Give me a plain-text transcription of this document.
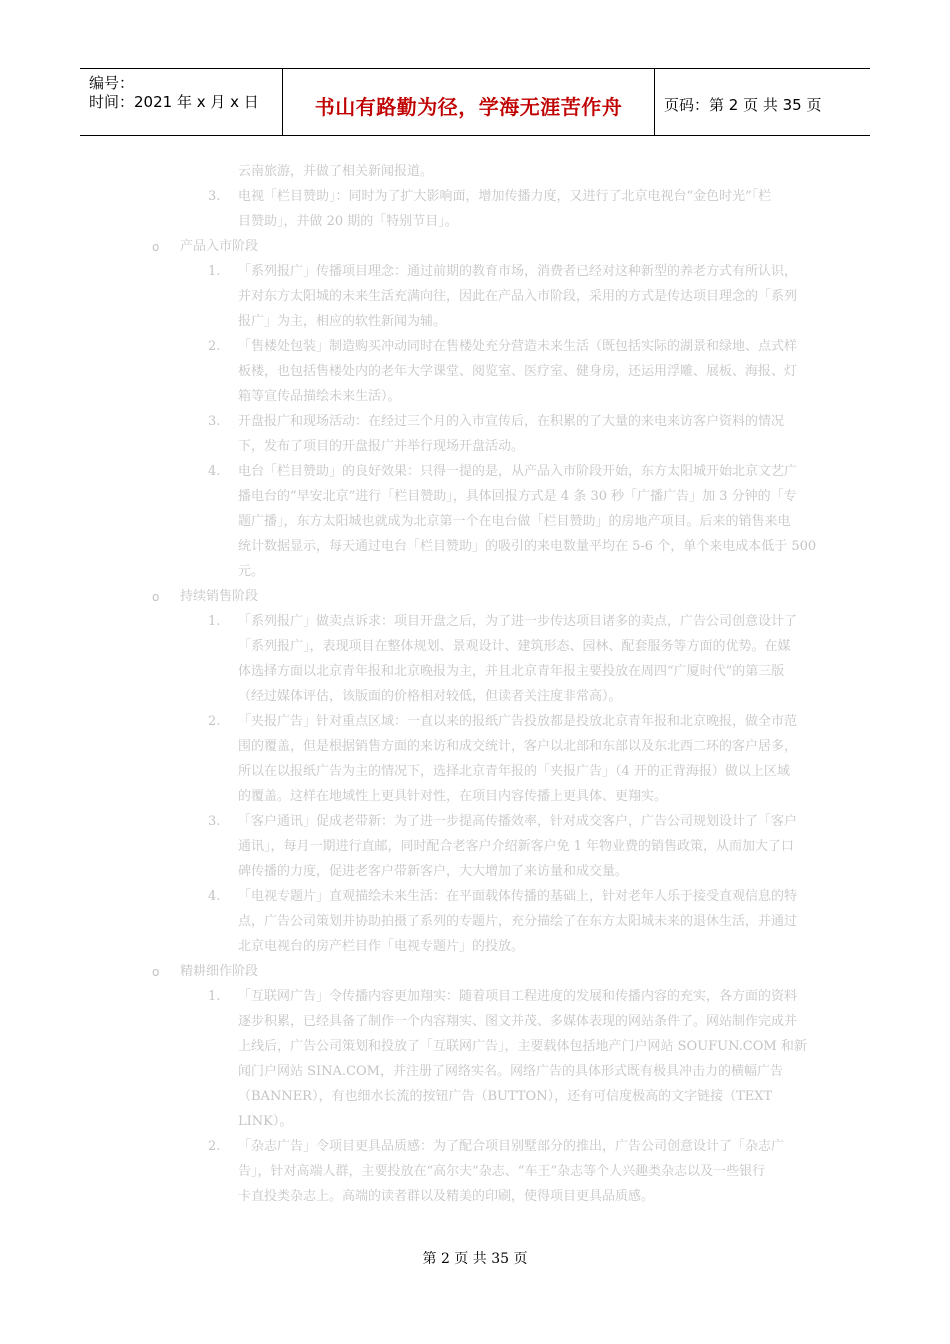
编号：
时间：2021 年 x 月 x 日	书山有路勤为径，学海无涯苦作舟	页码：第 2 页 共 35 页
云南旅游，并做了相关新闻报道。
3. 电视「栏目赞助」：同时为了扩大影响面，增加传播力度，又进行了北京电视台“金色时光”「栏
目赞助」，并做 20 期的「特别节目」。
o 产品入市阶段
1. 「系列报广」传播项目理念：通过前期的教育市场，消费者已经对这种新型的养老方式有所认识，
并对东方太阳城的未来生活充满向往，因此在产品入市阶段，采用的方式是传达项目理念的「系列
报广」为主，相应的软性新闻为辅。
2. 「售楼处包装」制造购买冲动同时在售楼处充分营造未来生活（既包括实际的湖景和绿地、点式样
板楼，也包括售楼处内的老年大学课堂、阅览室、医疗室、健身房，还运用浮雕、展板、海报、灯
箱等宣传品描绘未来生活）。
3. 开盘报广和现场活动：在经过三个月的入市宣传后，在积累的了大量的来电来访客户资料的情况
下，发布了项目的开盘报广并举行现场开盘活动。
4. 电台「栏目赞助」的良好效果：只得一提的是，从产品入市阶段开始，东方太阳城开始北京文艺广
播电台的“早安北京”进行「栏目赞助」，具体回报方式是 4 条 30 秒「广播广告」加 3 分钟的「专
题广播」，东方太阳城也就成为北京第一个在电台做「栏目赞助」的房地产项目。后来的销售来电
统计数据显示，每天通过电台「栏目赞助」的吸引的来电数量平均在 5-6 个，单个来电成本低于 500
元。
o 持续销售阶段
1. 「系列报广」做卖点诉求：项目开盘之后，为了进一步传达项目诸多的卖点，广告公司创意设计了
「系列报广」，表现项目在整体规划、景观设计、建筑形态、园林、配套服务等方面的优势。在媒
体选择方面以北京青年报和北京晚报为主，并且北京青年报主要投放在周四“广厦时代”的第三版
（经过媒体评估，该版面的价格相对较低，但读者关注度非常高）。
2. 「夹报广告」针对重点区域：一直以来的报纸广告投放都是投放北京青年报和北京晚报，做全市范
围的覆盖，但是根据销售方面的来访和成交统计，客户以北部和东部以及东北西二环的客户居多，
所以在以报纸广告为主的情况下，选择北京青年报的「夹报广告」（4 开的正背海报）做以上区域
的覆盖。这样在地域性上更具针对性，在项目内容传播上更具体、更翔实。
3. 「客户通讯」促成老带新：为了进一步提高传播效率，针对成交客户，广告公司规划设计了「客户
通讯」，每月一期进行直邮，同时配合老客户介绍新客户免 1 年物业费的销售政策，从而加大了口
碑传播的力度，促进老客户带新客户，大大增加了来访量和成交量。
4. 「电视专题片」直观描绘未来生活：在平面载体传播的基础上，针对老年人乐于接受直观信息的特
点，广告公司策划并协助拍摄了系列的专题片，充分描绘了在东方太阳城未来的退休生活，并通过
北京电视台的房产栏目作「电视专题片」的投放。
o 精耕细作阶段
1. 「互联网广告」令传播内容更加翔实：随着项目工程进度的发展和传播内容的充实，各方面的资料
逐步积累，已经具备了制作一个内容翔实、图文并茂、多媒体表现的网站条件了。网站制作完成并
上线后，广告公司策划和投放了「互联网广告」，主要载体包括地产门户网站 SOUFUN.COM 和新
闻门户网站 SINA.COM，并注册了网络实名。网络广告的具体形式既有极具冲击力的横幅广告
（BANNER），有也细水长流的按钮广告（BUTTON），还有可信度极高的文字链接（TEXT
LINK）。
2. 「杂志广告」令项目更具品质感：为了配合项目别墅部分的推出，广告公司创意设计了「杂志广
告」，针对高端人群，主要投放在“高尔夫”杂志、“车王”杂志等个人兴趣类杂志以及一些银行
卡直投类杂志上。高端的读者群以及精美的印刷，使得项目更具品质感。
第 2 页 共 35 页
